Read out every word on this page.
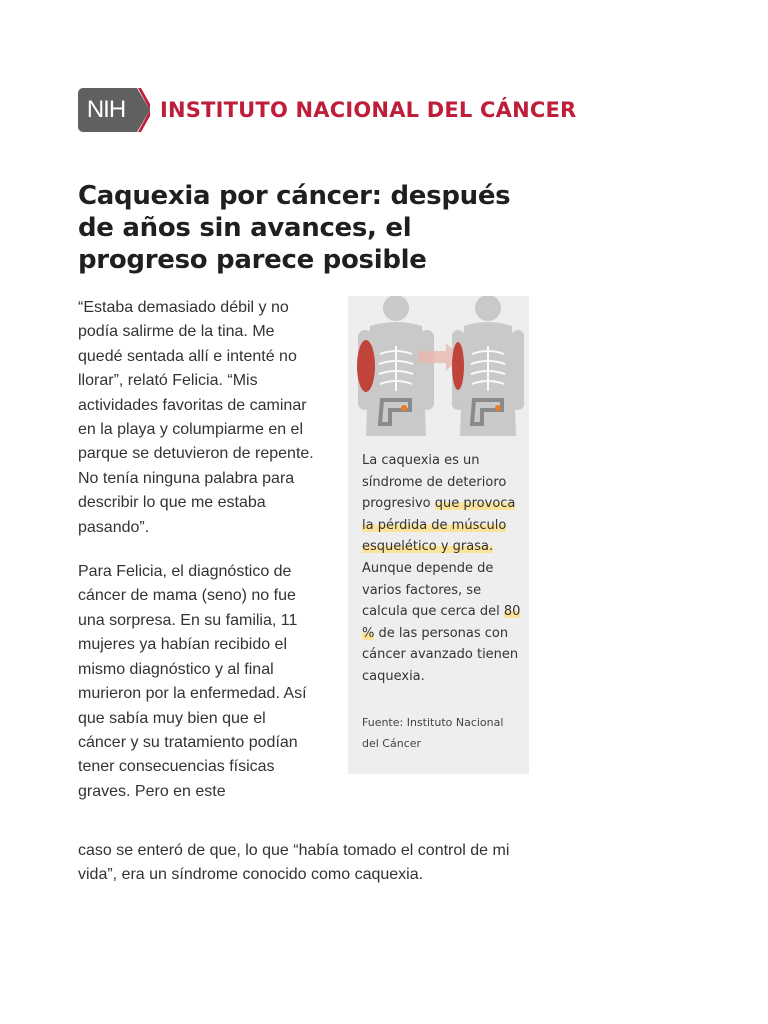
NIH	INSTITUTO NACIONAL DEL CÁNCER
Caquexia por cáncer: después de años sin avances, el progreso parece posible

“Estaba demasiado débil y no podía salirme de la tina. Me quedé sentada allí e intenté no llorar”, relató Felicia. “Mis actividades favoritas de caminar en la playa y columpiarme en el parque se detuvieron de repente. No tenía ninguna palabra para describir lo que me estaba pasando”.

Para Felicia, el diagnóstico de cáncer de mama (seno) no fue una sorpresa. En su familia, 11 mujeres ya habían recibido el mismo diagnóstico y al final murieron por la enfermedad. Así que sabía muy bien que el cáncer y su tratamiento podían tener consecuencias físicas graves. Pero en este

caso se enteró de que, lo que “había tomado el control de mi vida”, era un síndrome conocido como caquexia.

La caquexia es un síndrome de deterioro progresivo que provoca la pérdida de músculo esquelético y grasa. Aunque depende de varios factores, se calcula que cerca del 80 % de las personas con cáncer avanzado tienen caquexia.

Fuente: Instituto Nacional del Cáncer
